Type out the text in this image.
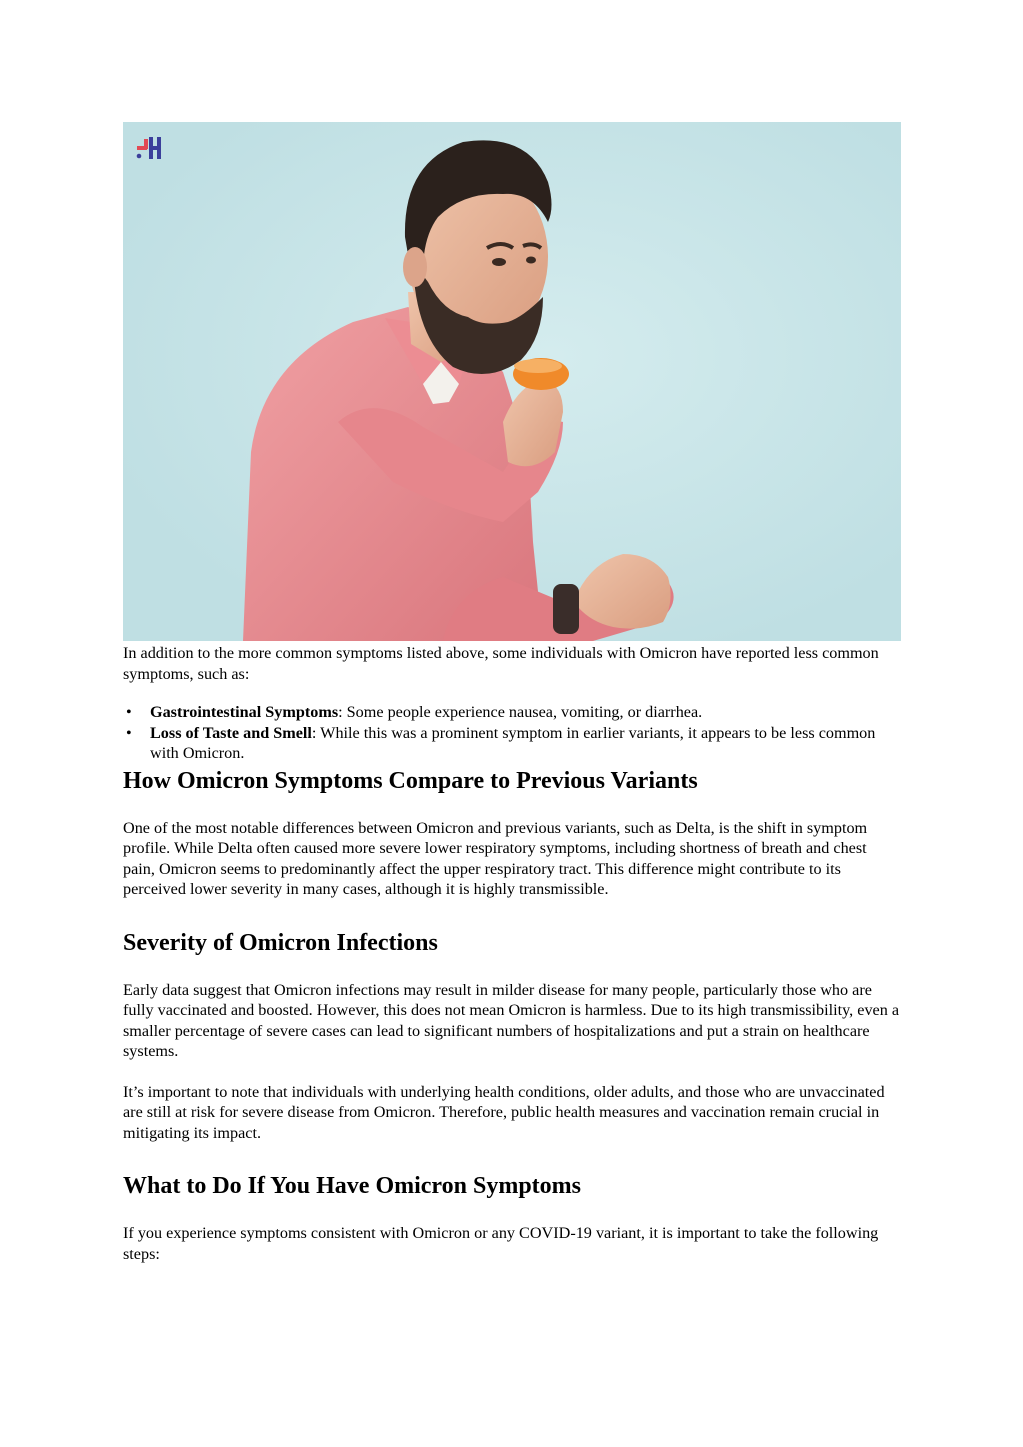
In addition to the more common symptoms listed above, some individuals with Omicron have reported less common symptoms, such as:

• Gastrointestinal Symptoms: Some people experience nausea, vomiting, or diarrhea.
• Loss of Taste and Smell: While this was a prominent symptom in earlier variants, it appears to be less common with Omicron.
How Omicron Symptoms Compare to Previous Variants

One of the most notable differences between Omicron and previous variants, such as Delta, is the shift in symptom profile. While Delta often caused more severe lower respiratory symptoms, including shortness of breath and chest pain, Omicron seems to predominantly affect the upper respiratory tract. This difference might contribute to its perceived lower severity in many cases, although it is highly transmissible.

Severity of Omicron Infections

Early data suggest that Omicron infections may result in milder disease for many people, particularly those who are fully vaccinated and boosted. However, this does not mean Omicron is harmless. Due to its high transmissibility, even a smaller percentage of severe cases can lead to significant numbers of hospitalizations and put a strain on healthcare systems.

It’s important to note that individuals with underlying health conditions, older adults, and those who are unvaccinated are still at risk for severe disease from Omicron. Therefore, public health measures and vaccination remain crucial in mitigating its impact.

What to Do If You Have Omicron Symptoms

If you experience symptoms consistent with Omicron or any COVID-19 variant, it is important to take the following steps:
